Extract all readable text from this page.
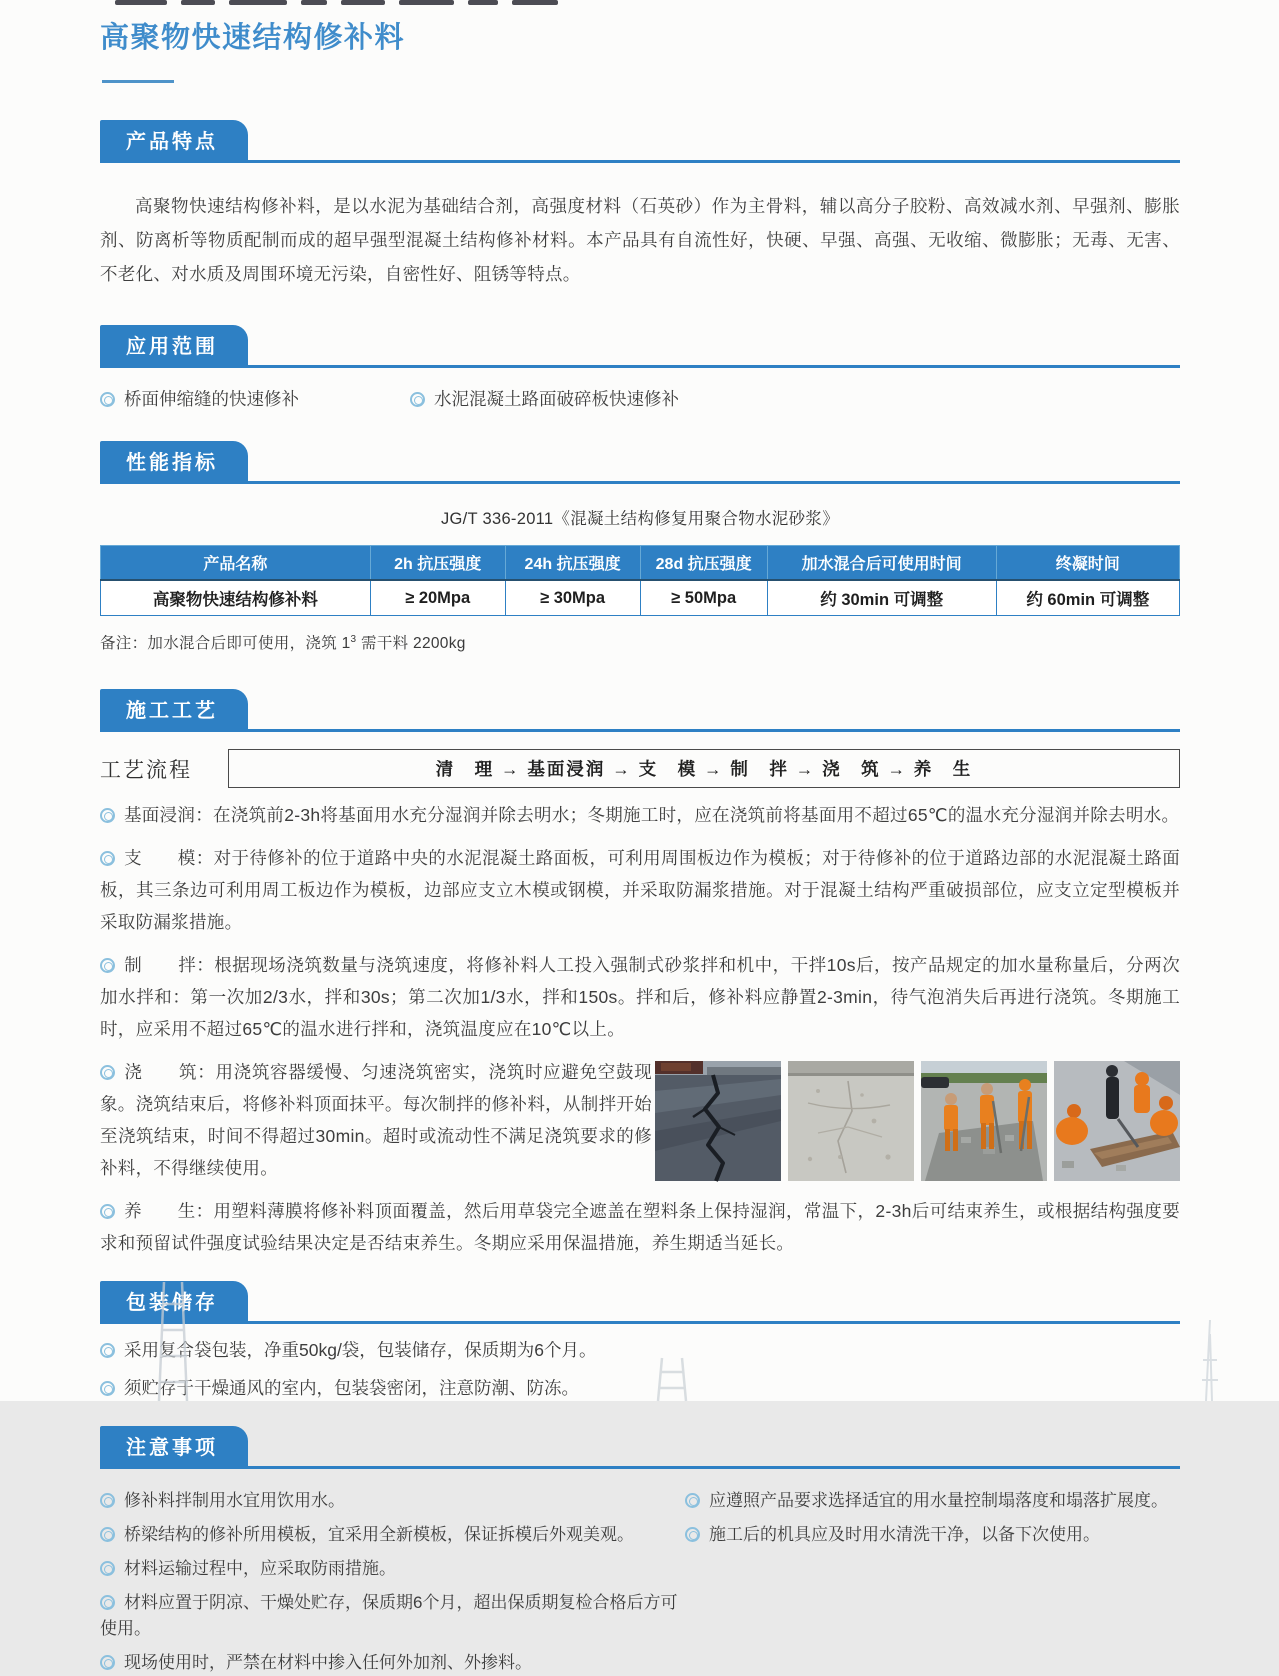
高聚物快速结构修补料
产品特点

高聚物快速结构修补料，是以水泥为基础结合剂，高强度材料（石英砂）作为主骨料，辅以高分子胶粉、高效减水剂、早强剂、膨胀剂、防离析等物质配制而成的超早强型混凝土结构修补材料。本产品具有自流性好，快硬、早强、高强、无收缩、微膨胀；无毒、无害、不老化、对水质及周围环境无污染，自密性好、阻锈等特点。

应用范围
桥面伸缩缝的快速修补	水泥混凝土路面破碎板快速修补
性能指标
JG/T 336-2011《混凝土结构修复用聚合物水泥砂浆》
产品名称	2h 抗压强度	24h 抗压强度	28d 抗压强度	加水混合后可使用时间	终凝时间
高聚物快速结构修补料	≥ 20Mpa	≥ 30Mpa	≥ 50Mpa	约 30min 可调整	约 60min 可调整
备注：加水混合后即可使用，浇筑 $1^3$ 需干料 2200kg
施工工艺
工艺流程	清　理 → 基面浸润 → 支　模 → 制　拌 → 浇　筑 → 养　生

基面浸润：在浇筑前2-3h将基面用水充分湿润并除去明水；冬期施工时，应在浇筑前将基面用不超过65℃的温水充分湿润并除去明水。

支　　模：对于待修补的位于道路中央的水泥混凝土路面板，可利用周围板边作为模板；对于待修补的位于道路边部的水泥混凝土路面板，其三条边可利用周工板边作为模板，边部应支立木模或钢模，并采取防漏浆措施。对于混凝土结构严重破损部位，应支立定型模板并采取防漏浆措施。

制　　拌：根据现场浇筑数量与浇筑速度，将修补料人工投入强制式砂浆拌和机中，干拌10s后，按产品规定的加水量称量后，分两次加水拌和：第一次加2/3水，拌和30s；第二次加1/3水，拌和150s。拌和后，修补料应静置2-3min，待气泡消失后再进行浇筑。冬期施工时，应采用不超过65℃的温水进行拌和，浇筑温度应在10℃以上。

浇　　筑：用浇筑容器缓慢、匀速浇筑密实，浇筑时应避免空鼓现象。浇筑结束后，将修补料顶面抹平。每次制拌的修补料，从制拌开始至浇筑结束，时间不得超过30min。超时或流动性不满足浇筑要求的修补料，不得继续使用。

养　　生：用塑料薄膜将修补料顶面覆盖，然后用草袋完全遮盖在塑料条上保持湿润，常温下，2-3h后可结束养生，或根据结构强度要求和预留试件强度试验结果决定是否结束养生。冬期应采用保温措施，养生期适当延长。

包装储存
采用复合袋包装，净重50kg/袋，包装储存，保质期为6个月。
须贮存于干燥通风的室内，包装袋密闭，注意防潮、防冻。
注意事项
修补料拌制用水宜用饮用水。
桥梁结构的修补所用模板，宜采用全新模板，保证拆模后外观美观。
材料运输过程中，应采取防雨措施。
材料应置于阴凉、干燥处贮存，保质期6个月，超出保质期复检合格后方可使用。
现场使用时，严禁在材料中掺入任何外加剂、外掺料。
应遵照产品要求选择适宜的用水量控制塌落度和塌落扩展度。
施工后的机具应及时用水清洗干净，以备下次使用。
